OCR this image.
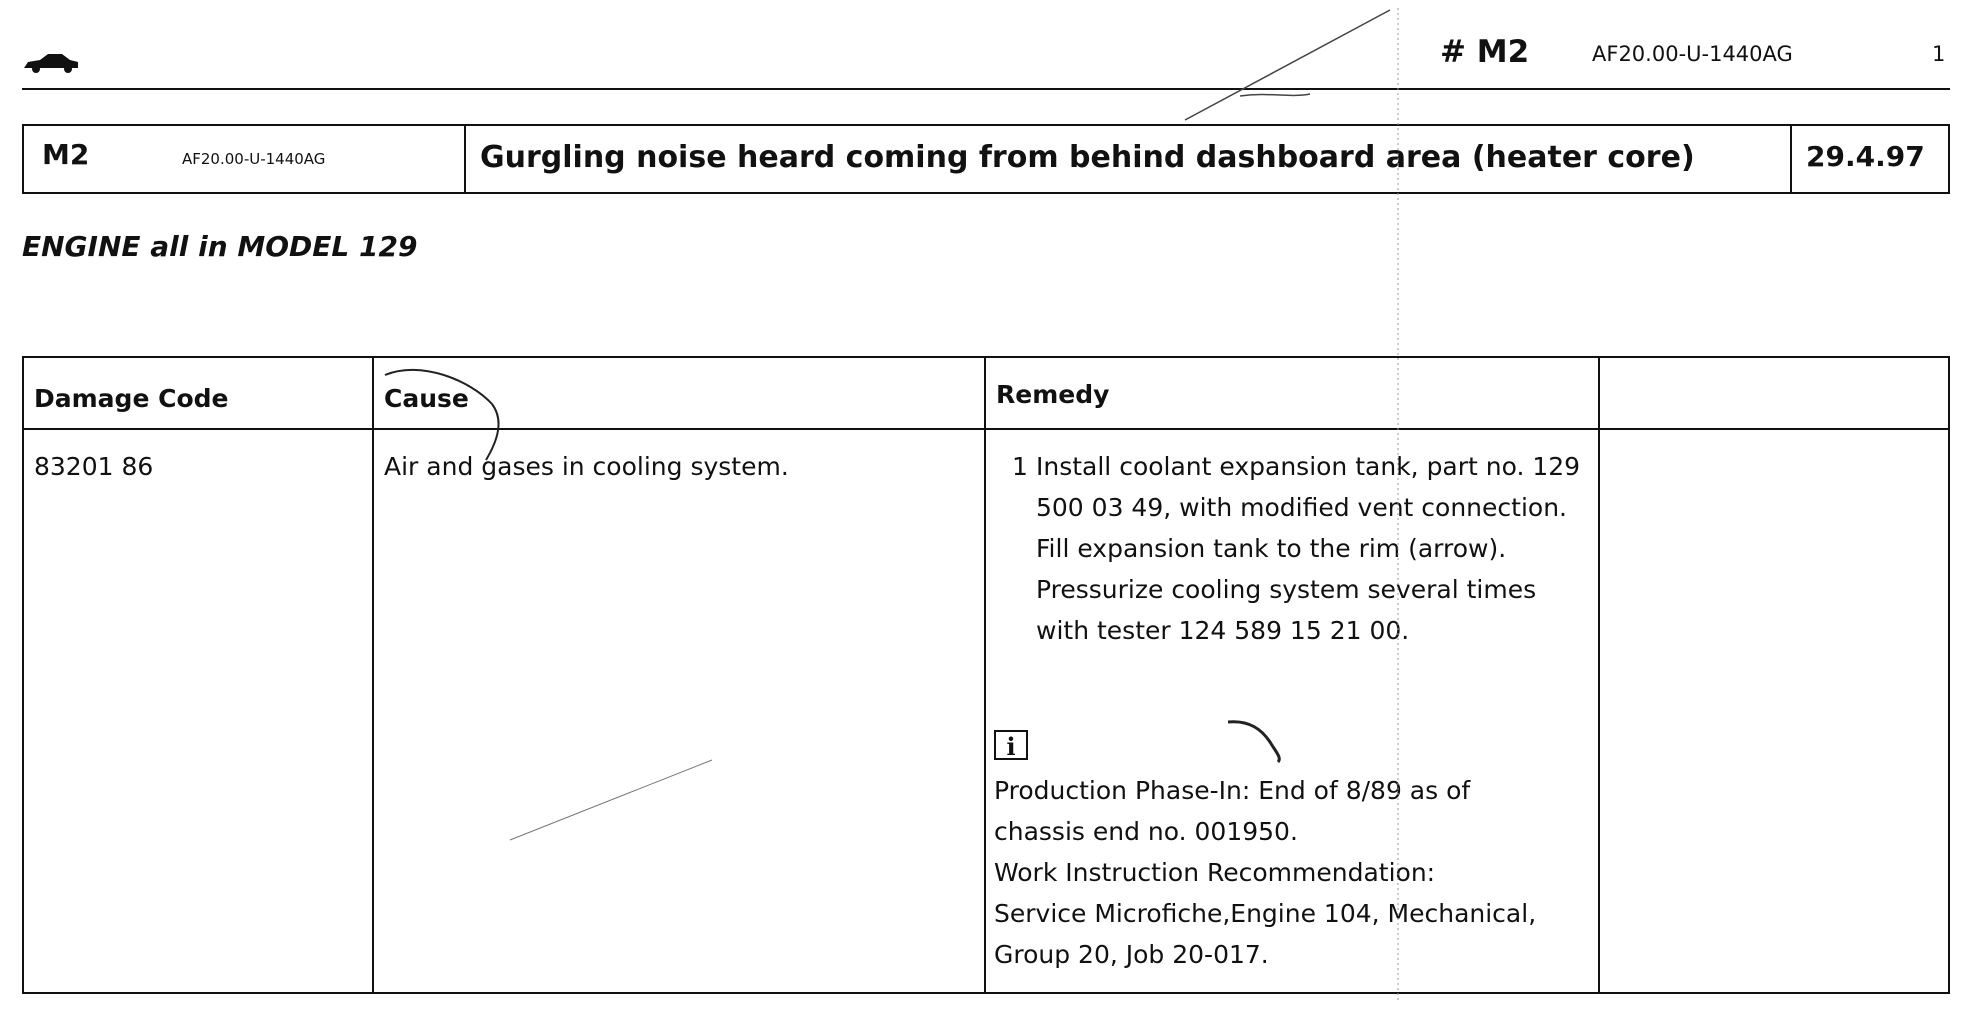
# M2	AF20.00-U-1440AG	1
M2	AF20.00-U-1440AG	Gurgling noise heard coming from behind dashboard area (heater core)	29.4.97
ENGINE all in MODEL 129
Damage Code	Cause	Remedy
83201 86	Air and gases in cooling system.	1 Install coolant expansion tank, part no. 129 500 03 49, with modified vent connection. Fill expansion tank to the rim (arrow). Pressurize cooling system several times with tester 124 589 15 21 00.
i
Production Phase-In: End of 8/89 as of
chassis end no. 001950.
Work Instruction Recommendation:
Service Microfiche,Engine 104, Mechanical,
Group 20, Job 20-017.
